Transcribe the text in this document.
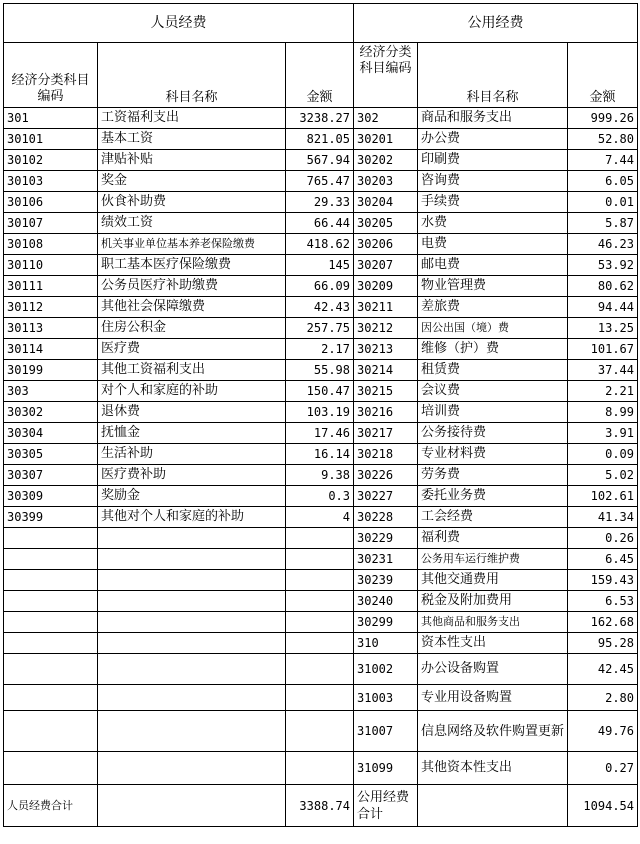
人员经费			公用经费		
经济分类科目编码	科目名称	金额	经济分类科目编码	科目名称	金额
301	工资福利支出	3238.27	302	商品和服务支出	999.26
30101	基本工资	821.05	30201	办公费	52.80
30102	津贴补贴	567.94	30202	印刷费	7.44
30103	奖金	765.47	30203	咨询费	6.05
30106	伙食补助费	29.33	30204	手续费	0.01
30107	绩效工资	66.44	30205	水费	5.87
30108	机关事业单位基本养老保险缴费	418.62	30206	电费	46.23
30110	职工基本医疗保险缴费	145	30207	邮电费	53.92
30111	公务员医疗补助缴费	66.09	30209	物业管理费	80.62
30112	其他社会保障缴费	42.43	30211	差旅费	94.44
30113	住房公积金	257.75	30212	因公出国（境）费	13.25
30114	医疗费	2.17	30213	维修（护）费	101.67
30199	其他工资福利支出	55.98	30214	租赁费	37.44
303	对个人和家庭的补助	150.47	30215	会议费	2.21
30302	退休费	103.19	30216	培训费	8.99
30304	抚恤金	17.46	30217	公务接待费	3.91
30305	生活补助	16.14	30218	专业材料费	0.09
30307	医疗费补助	9.38	30226	劳务费	5.02
30309	奖励金	0.3	30227	委托业务费	102.61
30399	其他对个人和家庭的补助	4	30228	工会经费	41.34
			30229	福利费	0.26
			30231	公务用车运行维护费	6.45
			30239	其他交通费用	159.43
			30240	税金及附加费用	6.53
			30299	其他商品和服务支出	162.68
			310	资本性支出	95.28
			31002	办公设备购置	42.45
			31003	专业用设备购置	2.80
			31007	信息网络及软件购置更新	49.76
			31099	其他资本性支出	0.27
人员经费合计		3388.74	公用经费合计		1094.54
